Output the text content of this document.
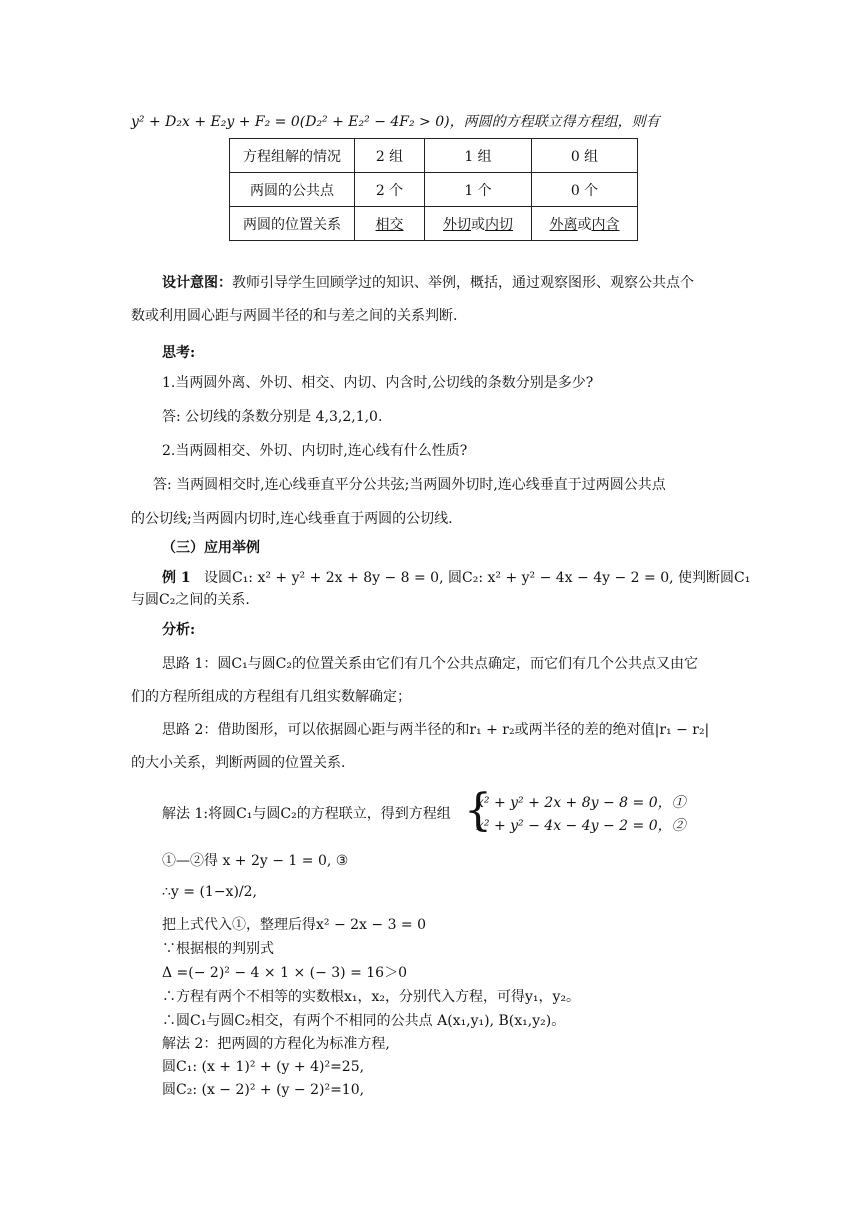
y² + D₂x + E₂y + F₂ = 0(D₂² + E₂² − 4F₂ > 0)，两圆的方程联立得方程组，则有
方程组解的情况	2 组	1 组	0 组
两圆的公共点	2 个	1 个	0 个
两圆的位置关系	相交	外切或内切	外离或内含
设计意图：教师引导学生回顾学过的知识、举例，概括，通过观察图形、观察公共点个
数或利用圆心距与两圆半径的和与差之间的关系判断.
思考:
1.当两圆外离、外切、相交、内切、内含时,公切线的条数分别是多少?
答: 公切线的条数分别是 4,3,2,1,0.
2.当两圆相交、外切、内切时,连心线有什么性质?
答: 当两圆相交时,连心线垂直平分公共弦;当两圆外切时,连心线垂直于过两圆公共点
的公切线;当两圆内切时,连心线垂直于两圆的公切线.
（三）应用举例
例 1 设圆C₁: x² + y² + 2x + 8y − 8 = 0, 圆C₂: x² + y² − 4x − 4y − 2 = 0, 使判断圆C₁
与圆C₂之间的关系.
分析:
思路 1：圆C₁与圆C₂的位置关系由它们有几个公共点确定，而它们有几个公共点又由它
们的方程所组成的方程组有几组实数解确定；
思路 2：借助图形，可以依据圆心距与两半径的和r₁ + r₂或两半径的差的绝对值|r₁ − r₂|
的大小关系，判断两圆的位置关系.
解法 1:将圆C₁与圆C₂的方程联立，得到方程组 {
x² + y² + 2x + 8y − 8 = 0，①
x² + y² − 4x − 4y − 2 = 0，②
①—②得 x + 2y − 1 = 0, ③
∴y = (1−x)/2,
把上式代入①，整理后得x² − 2x − 3 = 0
∵根据根的判别式
Δ =(− 2)² − 4 × 1 × (− 3) = 16＞0
∴方程有两个不相等的实数根x₁，x₂，分别代入方程，可得y₁，y₂。
∴圆C₁与圆C₂相交，有两个不相同的公共点 A(x₁,y₁), B(x₁,y₂)。
解法 2：把两圆的方程化为标准方程,
圆C₁: (x + 1)² + (y + 4)²=25,
圆C₂: (x − 2)² + (y − 2)²=10,
